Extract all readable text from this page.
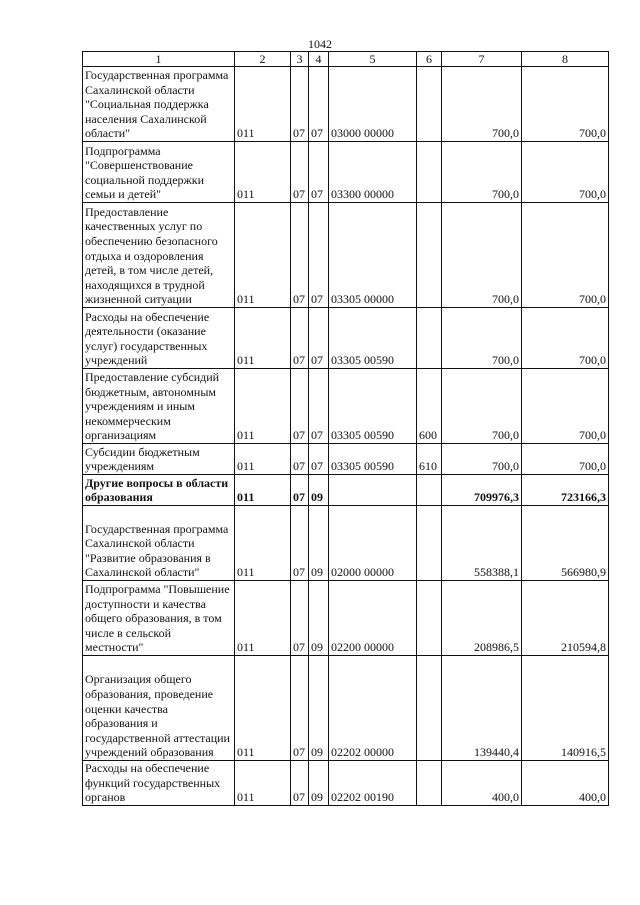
1042
1	2	3	4	5	6	7	8
Государственная программа Сахалинской области "Социальная поддержка населения Сахалинской области"	011	07	07	03000 00000		700,0	700,0
Подпрограмма "Совершенствование социальной поддержки семьи и детей"	011	07	07	03300 00000		700,0	700,0
Предоставление качественных услуг по обеспечению безопасного отдыха и оздоровления детей, в том числе детей, находящихся в трудной жизненной ситуации	011	07	07	03305 00000		700,0	700,0
Расходы на обеспечение деятельности (оказание услуг) государственных учреждений	011	07	07	03305 00590		700,0	700,0
Предоставление субсидий бюджетным, автономным учреждениям и иным некоммерческим организациям	011	07	07	03305 00590	600	700,0	700,0
Субсидии бюджетным учреждениям	011	07	07	03305 00590	610	700,0	700,0
Другие вопросы в области образования	011	07	09			709976,3	723166,3
Государственная программа Сахалинской области "Развитие образования в Сахалинской области"	011	07	09	02000 00000		558388,1	566980,9
Подпрограмма "Повышение доступности и качества общего образования, в том числе в сельской местности"	011	07	09	02200 00000		208986,5	210594,8
Организация общего образования, проведение оценки качества образования и государственной аттестации учреждений образования	011	07	09	02202 00000		139440,4	140916,5
Расходы на обеспечение функций государственных органов	011	07	09	02202 00190		400,0	400,0
